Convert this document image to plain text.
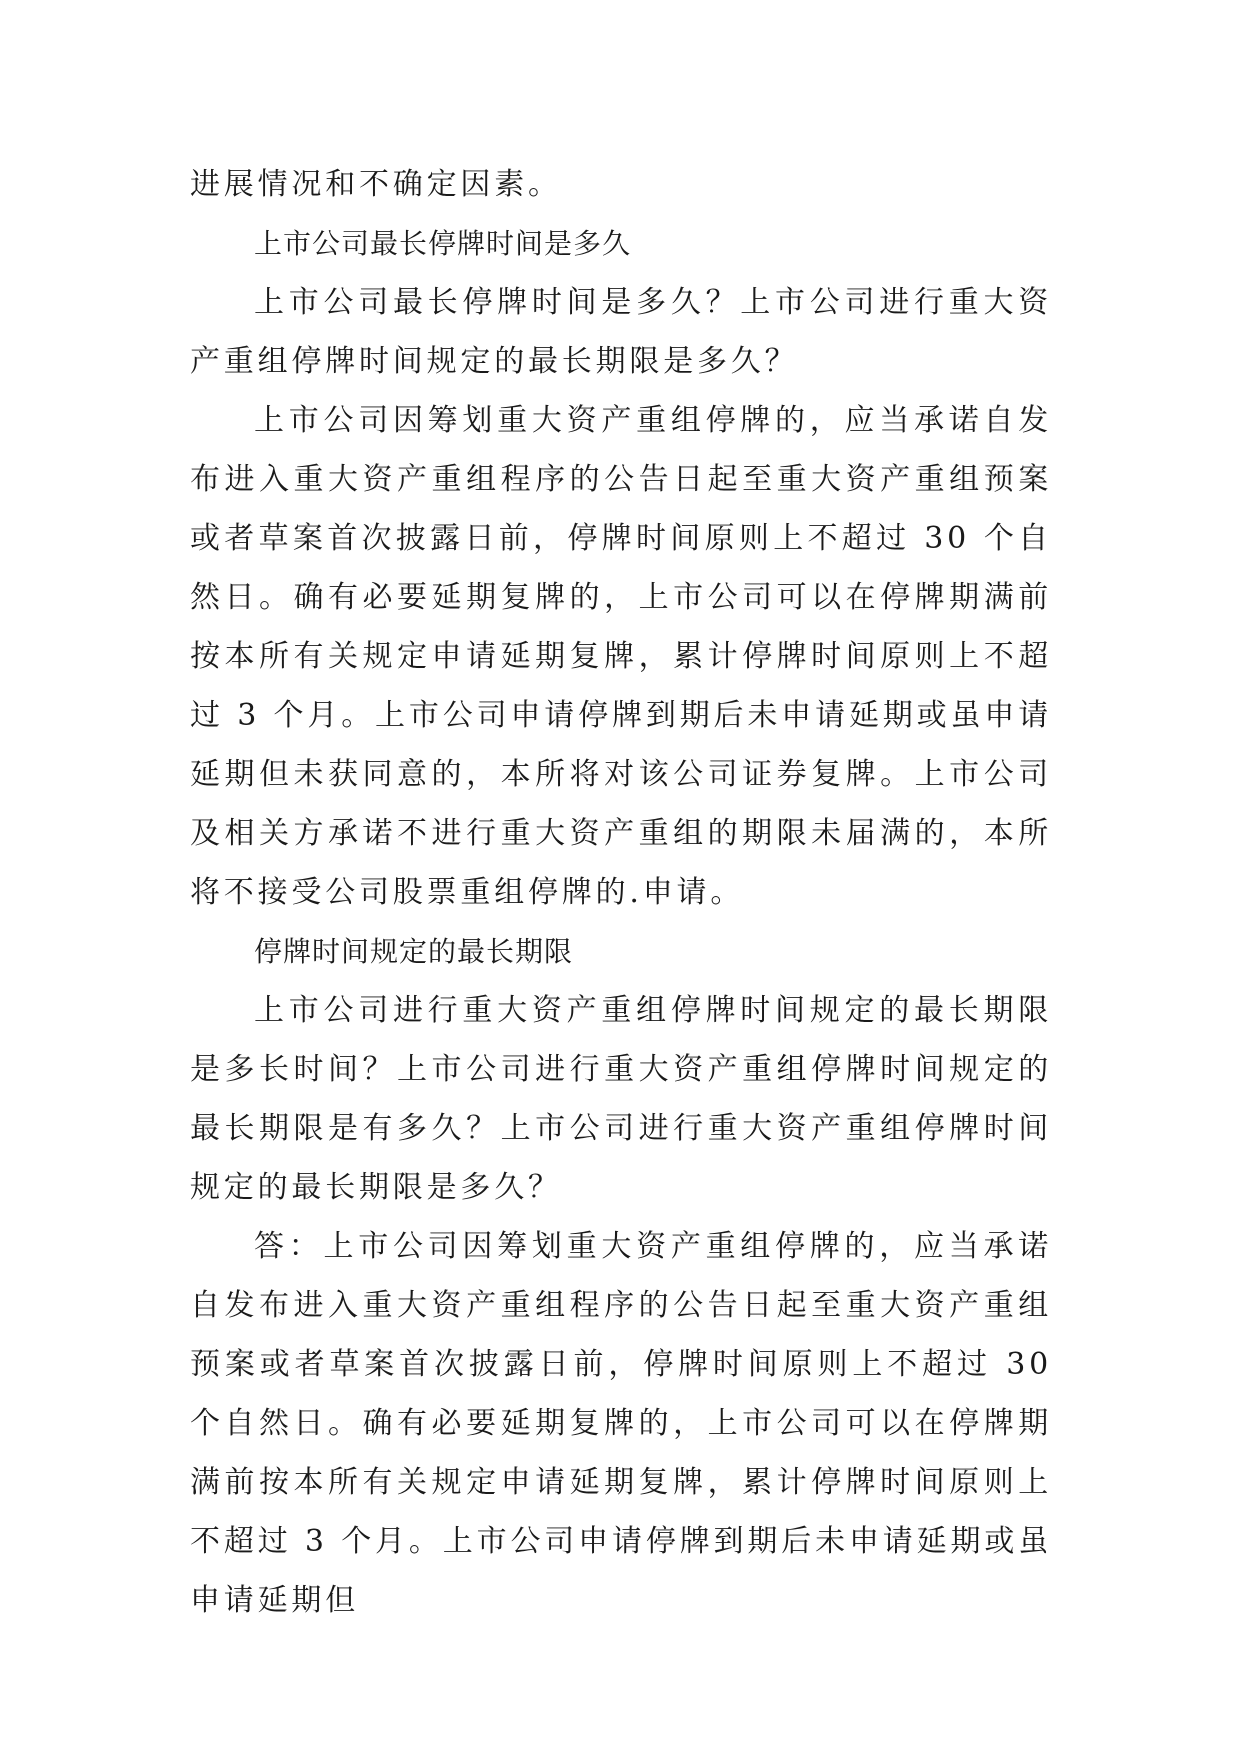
进展情况和不确定因素。

上市公司最长停牌时间是多久

上市公司最长停牌时间是多久？上市公司进行重大资产重组停牌时间规定的最长期限是多久？

上市公司因筹划重大资产重组停牌的，应当承诺自发布进入重大资产重组程序的公告日起至重大资产重组预案或者草案首次披露日前，停牌时间原则上不超过 30 个自然日。确有必要延期复牌的，上市公司可以在停牌期满前按本所有关规定申请延期复牌，累计停牌时间原则上不超过 3 个月。上市公司申请停牌到期后未申请延期或虽申请延期但未获同意的，本所将对该公司证券复牌。上市公司及相关方承诺不进行重大资产重组的期限未届满的，本所将不接受公司股票重组停牌的.申请。

停牌时间规定的最长期限

上市公司进行重大资产重组停牌时间规定的最长期限是多长时间？上市公司进行重大资产重组停牌时间规定的最长期限是有多久？上市公司进行重大资产重组停牌时间规定的最长期限是多久？

答：上市公司因筹划重大资产重组停牌的，应当承诺自发布进入重大资产重组程序的公告日起至重大资产重组预案或者草案首次披露日前，停牌时间原则上不超过 30 个自然日。确有必要延期复牌的，上市公司可以在停牌期满前按本所有关规定申请延期复牌，累计停牌时间原则上不超过 3 个月。上市公司申请停牌到期后未申请延期或虽申请延期但
